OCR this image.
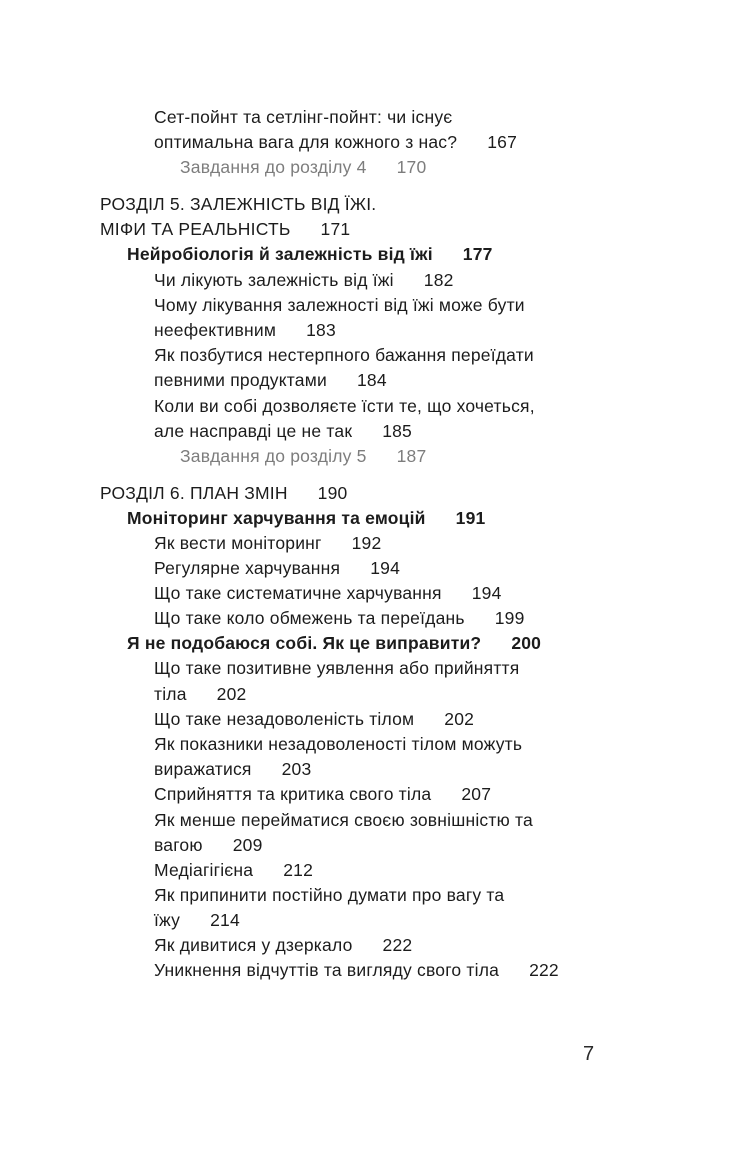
Сет-пойнт та сетлінг-пойнт: чи існує
оптимальна вага для кожного з нас? 167
Завдання до розділу 4 170
РОЗДІЛ 5. ЗАЛЕЖНІСТЬ ВІД ЇЖІ.
МІФИ ТА РЕАЛЬНІСТЬ 171
Нейробіологія й залежність від їжі 177
Чи лікують залежність від їжі 182
Чому лікування залежності від їжі може бути
неефективним 183
Як позбутися нестерпного бажання переїдати
певними продуктами 184
Коли ви собі дозволяєте їсти те, що хочеться,
але насправді це не так 185
Завдання до розділу 5 187
РОЗДІЛ 6. ПЛАН ЗМІН 190
Моніторинг харчування та емоцій 191
Як вести моніторинг 192
Регулярне харчування 194
Що таке систематичне харчування 194
Що таке коло обмежень та переїдань 199
Я не подобаюся собі. Як це виправити? 200
Що таке позитивне уявлення або прийняття
тіла 202
Що таке незадоволеність тілом 202
Як показники незадоволеності тілом можуть
виражатися 203
Сприйняття та критика свого тіла 207
Як менше перейматися своєю зовнішністю та
вагою 209
Медіагігієна 212
Як припинити постійно думати про вагу та
їжу 214
Як дивитися у дзеркало 222
Уникнення відчуттів та вигляду свого тіла 222
7
